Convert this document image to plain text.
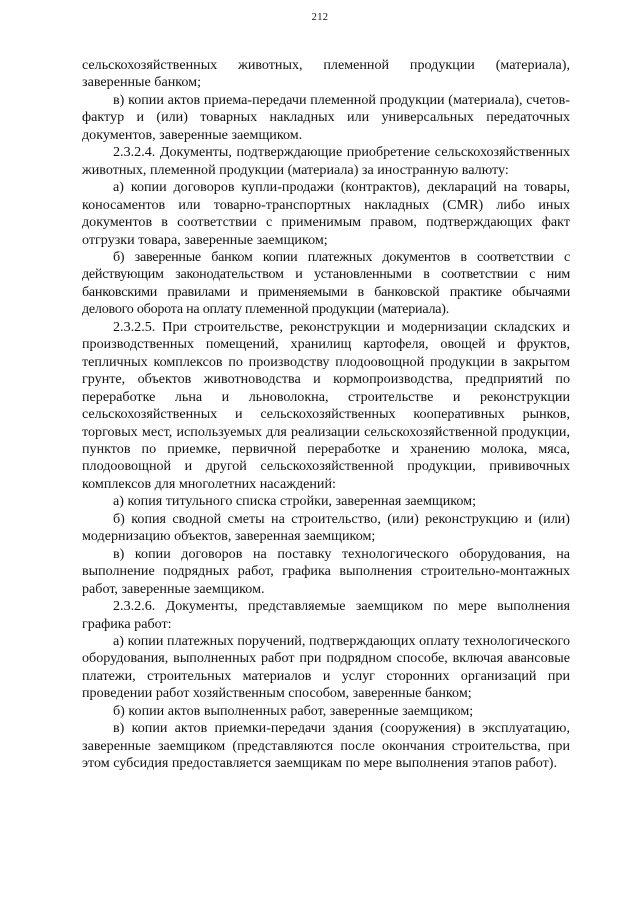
212

сельскохозяйственных животных, племенной продукции (материала), заверенные банком;

в) копии актов приема-передачи племенной продукции (материала), счетов-фактур и (или) товарных накладных или универсальных передаточных документов, заверенные заемщиком.

2.3.2.4. Документы, подтверждающие приобретение сельскохозяйственных животных, племенной продукции (материала) за иностранную валюту:

а) копии договоров купли-продажи (контрактов), деклараций на товары, коносаментов или товарно-транспортных накладных (CMR) либо иных документов в соответствии с применимым правом, подтверждающих факт отгрузки товара, заверенные заемщиком;

б) заверенные банком копии платежных документов в соответствии с действующим законодательством и установленными в соответствии с ним банковскими правилами и применяемыми в банковской практике обычаями делового оборота на оплату племенной продукции (материала).

2.3.2.5. При строительстве, реконструкции и модернизации складских и производственных помещений, хранилищ картофеля, овощей и фруктов, тепличных комплексов по производству плодоовощной продукции в закрытом грунте, объектов животноводства и кормопроизводства, предприятий по переработке льна и льноволокна, строительстве и реконструкции сельскохозяйственных и сельскохозяйственных кооперативных рынков, торговых мест, используемых для реализации сельскохозяйственной продукции, пунктов по приемке, первичной переработке и хранению молока, мяса, плодоовощной и другой сельскохозяйственной продукции, прививочных комплексов для многолетних насаждений:

а) копия титульного списка стройки, заверенная заемщиком;

б) копия сводной сметы на строительство, (или) реконструкцию и (или) модернизацию объектов, заверенная заемщиком;

в) копии договоров на поставку технологического оборудования, на выполнение подрядных работ, графика выполнения строительно-монтажных работ, заверенные заемщиком.

2.3.2.6. Документы, представляемые заемщиком по мере выполнения графика работ:

а) копии платежных поручений, подтверждающих оплату технологического оборудования, выполненных работ при подрядном способе, включая авансовые платежи, строительных материалов и услуг сторонних организаций при проведении работ хозяйственным способом, заверенные банком;

б) копии актов выполненных работ, заверенные заемщиком;

в) копии актов приемки-передачи здания (сооружения) в эксплуатацию, заверенные заемщиком (представляются после окончания строительства, при этом субсидия предоставляется заемщикам по мере выполнения этапов работ).
